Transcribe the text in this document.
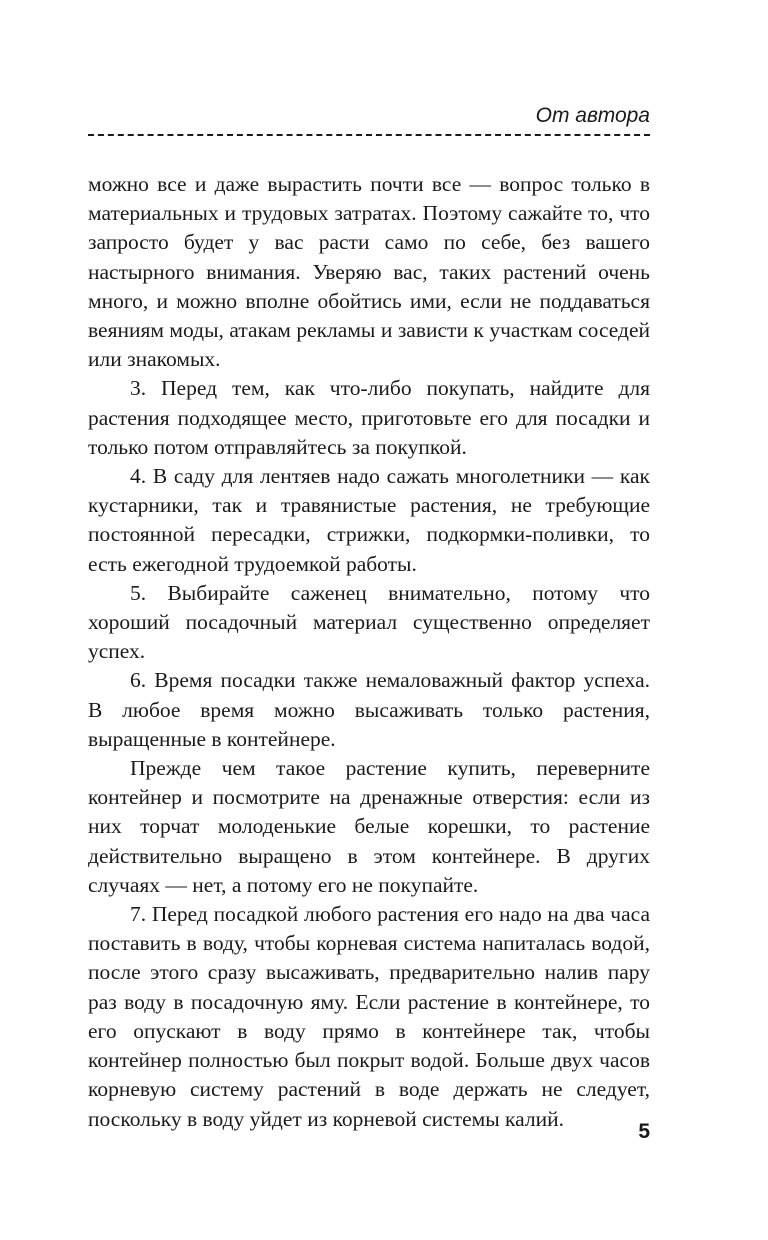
От автора

можно все и даже вырастить почти все — вопрос только в материальных и трудовых затратах. Поэтому сажайте то, что запросто будет у вас расти само по себе, без вашего настырного внимания. Уверяю вас, таких растений очень много, и можно вполне обойтись ими, если не поддаваться веяниям моды, атакам рекламы и зависти к участкам соседей или знакомых.

3. Перед тем, как что-либо покупать, найдите для растения подходящее место, приготовьте его для посадки и только потом отправляйтесь за покупкой.

4. В саду для лентяев надо сажать многолетники — как кустарники, так и травянистые растения, не требующие постоянной пересадки, стрижки, подкормки-поливки, то есть ежегодной трудоемкой работы.

5. Выбирайте саженец внимательно, потому что хороший посадочный материал существенно определяет успех.

6. Время посадки также немаловажный фактор успеха. В любое время можно высаживать только растения, выращенные в контейнере.

Прежде чем такое растение купить, переверните контейнер и посмотрите на дренажные отверстия: если из них торчат молоденькие белые корешки, то растение действительно выращено в этом контейнере. В других случаях — нет, а потому его не покупайте.

7. Перед посадкой любого растения его надо на два часа поставить в воду, чтобы корневая система напиталась водой, после этого сразу высаживать, предварительно налив пару раз воду в посадочную яму. Если растение в контейнере, то его опускают в воду прямо в контейнере так, чтобы контейнер полностью был покрыт водой. Больше двух часов корневую систему растений в воде держать не следует, поскольку в воду уйдет из корневой системы калий.

5
